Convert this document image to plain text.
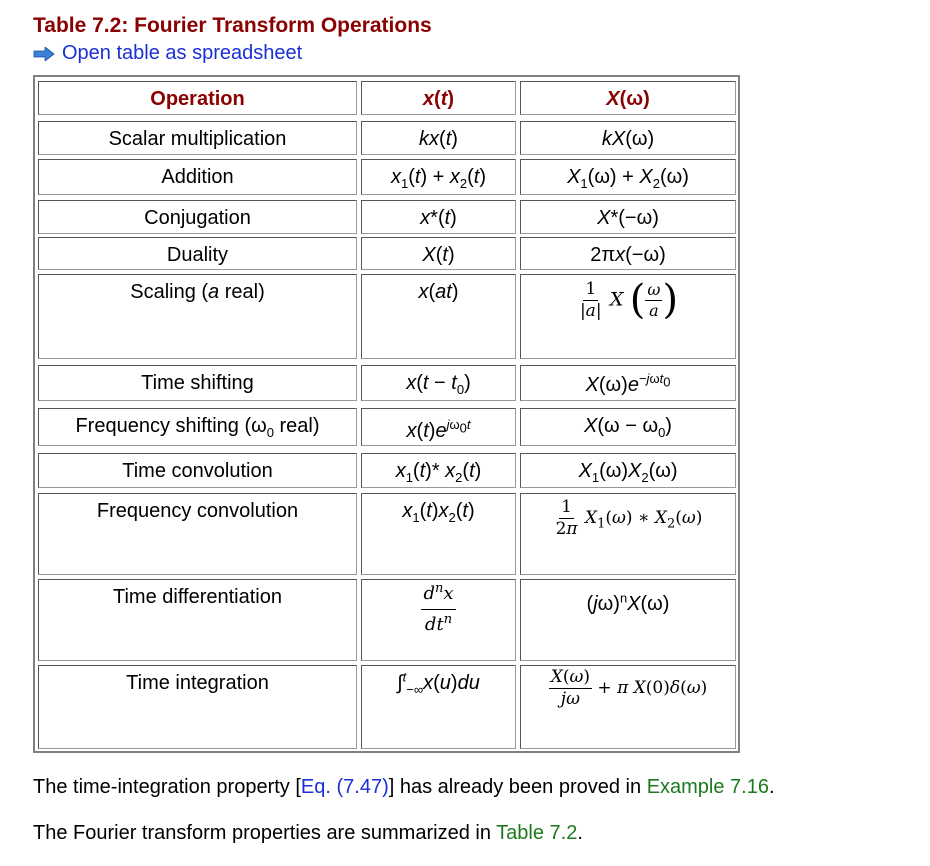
Table 7.2: Fourier Transform Operations
Open table as spreadsheet
Operation	x(t)	X(ω)
Scalar multiplication	kx(t)	kX(ω)
Addition	$x_1(t) + x_2(t)$	$X_1(\omega) + X_2(\omega)$
Conjugation	x*(t)	X*(−ω)
Duality	X(t)	2πx(−ω)
Scaling (a real)	x(at)	$\frac{1}{|a|}$ X ( $\frac{\omega}{a}$ )
Time shifting	$x(t - t_0)$	$X(\omega)e^{-j\omega t_0}$
Frequency shifting ($\omega_0$ real)	$x(t)e^{j\omega_0t}$	$X(\omega - \omega_0)$
Time convolution	$x_1(t)*$ $x_2(t)$	$X_1(\omega)X_2(\omega)$
Frequency convolution	$x_1(t)x_2(t)$	$\frac{1}{2\pi} X_1(\omega)$ ∗ $X_2(\omega)$
Time differentiation	$\frac{d^nx}{dt^n}$	$(j\omega)^nX(\omega)$
Time integration	∫$^t_{-\infty}$x(u)du	$\frac{X(\omega)}{j\omega} + \pi$ X(0)δ(ω)
The time-integration property [Eq. (7.47)] has already been proved in Example 7.16.
The Fourier transform properties are summarized in Table 7.2.
